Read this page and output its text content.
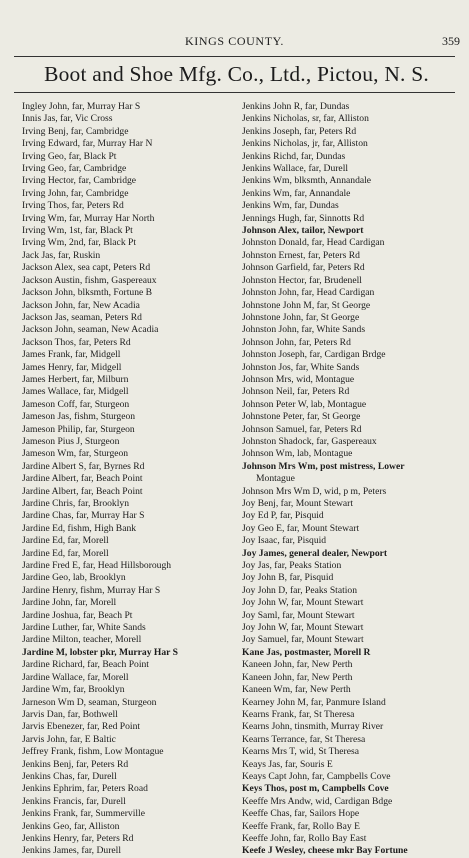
KINGS COUNTY.	359
Boot and Shoe Mfg. Co., Ltd., Pictou, N. S.
Ingley John, far, Murray Har S
Innis Jas, far, Vic Cross
Irving Benj, far, Cambridge
Irving Edward, far, Murray Har N
Irving Geo, far, Black Pt
Irving Geo, far, Cambridge
Irving Hector, far, Cambridge
Irving John, far, Cambridge
Irving Thos, far, Peters Rd
Irving Wm, far, Murray Har North
Irving Wm, 1st, far, Black Pt
Irving Wm, 2nd, far, Black Pt
Jack Jas, far, Ruskin
Jackson Alex, sea capt, Peters Rd
Jackson Austin, fishm, Gaspereaux
Jackson John, blksmth, Fortune B
Jackson John, far, New Acadia
Jackson Jas, seaman, Peters Rd
Jackson John, seaman, New Acadia
Jackson Thos, far, Peters Rd
James Frank, far, Midgell
James Henry, far, Midgell
James Herbert, far, Milburn
James Wallace, far, Midgell
Jameson Coff, far, Sturgeon
Jameson Jas, fishm, Sturgeon
Jameson Philip, far, Sturgeon
Jameson Pius J, Sturgeon
Jameson Wm, far, Sturgeon
Jardine Albert S, far, Byrnes Rd
Jardine Albert, far, Beach Point
Jardine Albert, far, Beach Point
Jardine Chris, far, Brooklyn
Jardine Chas, far, Murray Har S
Jardine Ed, fishm, High Bank
Jardine Ed, far, Morell
Jardine Ed, far, Morell
Jardine Fred E, far, Head Hillsborough
Jardine Geo, lab, Brooklyn
Jardine Henry, fishm, Murray Har S
Jardine John, far, Morell
Jardine Joshua, far, Beach Pt
Jardine Luther, far, White Sands
Jardine Milton, teacher, Morell
Jardine M, lobster pkr, Murray Har S
Jardine Richard, far, Beach Point
Jardine Wallace, far, Morell
Jardine Wm, far, Brooklyn
Jarneson Wm D, seaman, Sturgeon
Jarvis Dan, far, Bothwell
Jarvis Ebenezer, far, Red Point
Jarvis John, far, E Baltic
Jeffrey Frank, fishm, Low Montague
Jenkins Benj, far, Peters Rd
Jenkins Chas, far, Durell
Jenkins Ephrim, far, Peters Road
Jenkins Francis, far, Durell
Jenkins Frank, far, Summerville
Jenkins Geo, far, Alliston
Jenkins Henry, far, Peters Rd
Jenkins James, far, Durell
Jenkins John R, far, Dundas
Jenkins Nicholas, sr, far, Alliston
Jenkins Joseph, far, Peters Rd
Jenkins Nicholas, jr, far, Alliston
Jenkins Richd, far, Dundas
Jenkins Wallace, far, Durell
Jenkins Wm, blksmth, Annandale
Jenkins Wm, far, Annandale
Jenkins Wm, far, Dundas
Jennings Hugh, far, Sinnotts Rd
Johnson Alex, tailor, Newport
Johnston Donald, far, Head Cardigan
Johnston Ernest, far, Peters Rd
Johnson Garfield, far, Peters Rd
Johnston Hector, far, Brudenell
Johnston John, far, Head Cardigan
Johnstone John M, far, St George
Johnstone John, far, St George
Johnston John, far, White Sands
Johnson John, far, Peters Rd
Johnston Joseph, far, Cardigan Brdge
Johnston Jos, far, White Sands
Johnson Mrs, wid, Montague
Johnson Neil, far, Peters Rd
Johnson Peter W, lab, Montague
Johnstone Peter, far, St George
Johnson Samuel, far, Peters Rd
Johnston Shadock, far, Gaspereaux
Johnson Wm, lab, Montague
Johnson Mrs Wm, post mistress, Lower
Montague
Johnson Mrs Wm D, wid, p m, Peters
Joy Benj, far, Mount Stewart
Joy Ed P, far, Pisquid
Joy Geo E, far, Mount Stewart
Joy Isaac, far, Pisquid
Joy James, general dealer, Newport
Joy Jas, far, Peaks Station
Joy John B, far, Pisquid
Joy John D, far, Peaks Station
Joy John W, far, Mount Stewart
Joy Saml, far, Mount Stewart
Joy John W, far, Mount Stewart
Joy Samuel, far, Mount Stewart
Kane Jas, postmaster, Morell R
Kaneen John, far, New Perth
Kaneen John, far, New Perth
Kaneen Wm, far, New Perth
Kearney John M, far, Panmure Island
Kearns Frank, far, St Theresa
Kearns John, tinsmith, Murray River
Kearns Terrance, far, St Theresa
Kearns Mrs T, wid, St Theresa
Keays Jas, far, Souris E
Keays Capt John, far, Campbells Cove
Keys Thos, post m, Campbells Cove
Keeffe Mrs Andw, wid, Cardigan Bdge
Keeffe Chas, far, Sailors Hope
Keeffe Frank, far, Rollo Bay E
Keeffe John, far, Rollo Bay East
Keefe J Wesley, cheese mkr Bay Fortune
